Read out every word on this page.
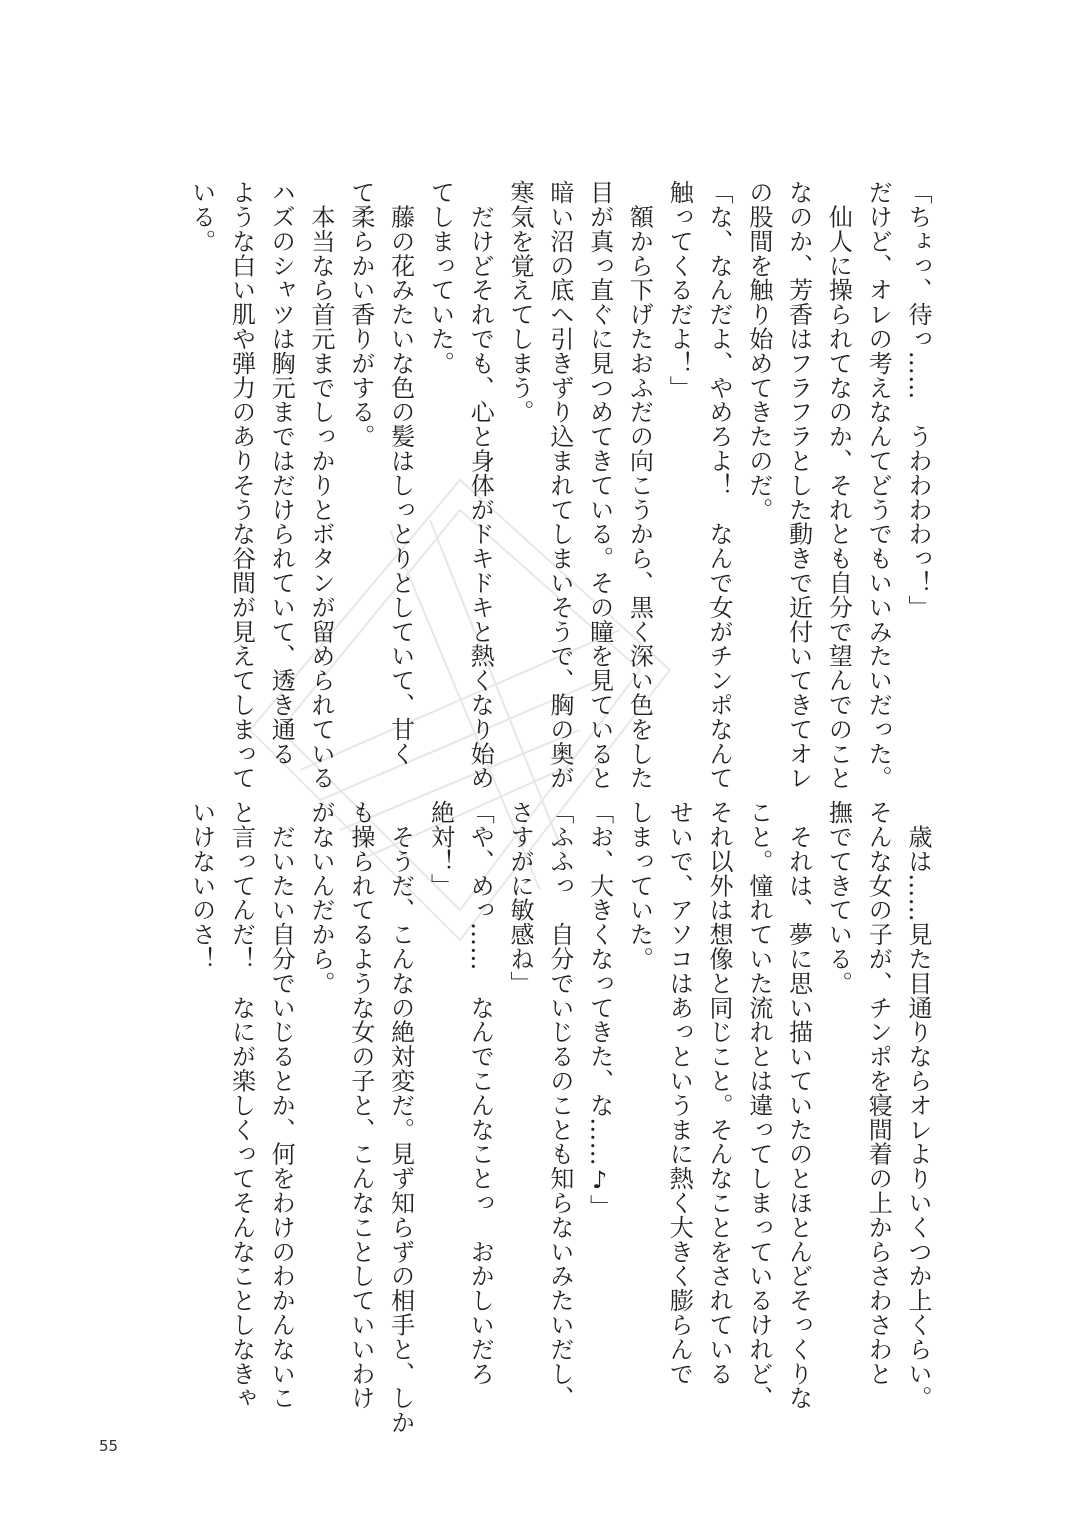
「ちょっ、待っ……　うわわわわっ！」
だけど、オレの考えなんてどうでもいいみたいだった。
　仙人に操られてなのか、それとも自分で望んでのこと
なのか、芳香はフラフラとした動きで近付いてきてオレ
の股間を触り始めてきたのだ。
「な、なんだよ、やめろよ！　なんで女がチンポなんて
触ってくるだよ！」
　額から下げたおふだの向こうから、黒く深い色をした
目が真っ直ぐに見つめてきている。その瞳を見ていると
暗い沼の底へ引きずり込まれてしまいそうで、胸の奥が
寒気を覚えてしまう。
　だけどそれでも、心と身体がドキドキと熱くなり始め
てしまっていた。
　藤の花みたいな色の髪はしっとりとしていて、甘く
て柔らかい香りがする。
　本当なら首元までしっかりとボタンが留められている
ハズのシャツは胸元まではだけられていて、透き通る
ような白い肌や弾力のありそうな谷間が見えてしまって
いる。
　歳は……見た目通りならオレよりいくつか上くらい。
そんな女の子が、チンポを寝間着の上からさわさわと
撫でてきている。
　それは、夢に思い描いていたのとほとんどそっくりな
こと。憧れていた流れとは違ってしまっているけれど、
それ以外は想像と同じこと。そんなことをされている
せいで、アソコはあっというまに熱く大きく膨らんで
しまっていた。
「お、大きくなってきた、な……♪」
「ふふっ　自分でいじるのことも知らないみたいだし、
さすがに敏感ね」
「や、めっ……　なんでこんなことっ　おかしいだろ
絶対！」
　そうだ、こんなの絶対変だ。見ず知らずの相手と、しか
も操られてるような女の子と、こんなことしていいわけ
がないんだから。
　だいたい自分でいじるとか、何をわけのわかんないこ
と言ってんだ！　なにが楽しくってそんなことしなきゃ
いけないのさ！
55
